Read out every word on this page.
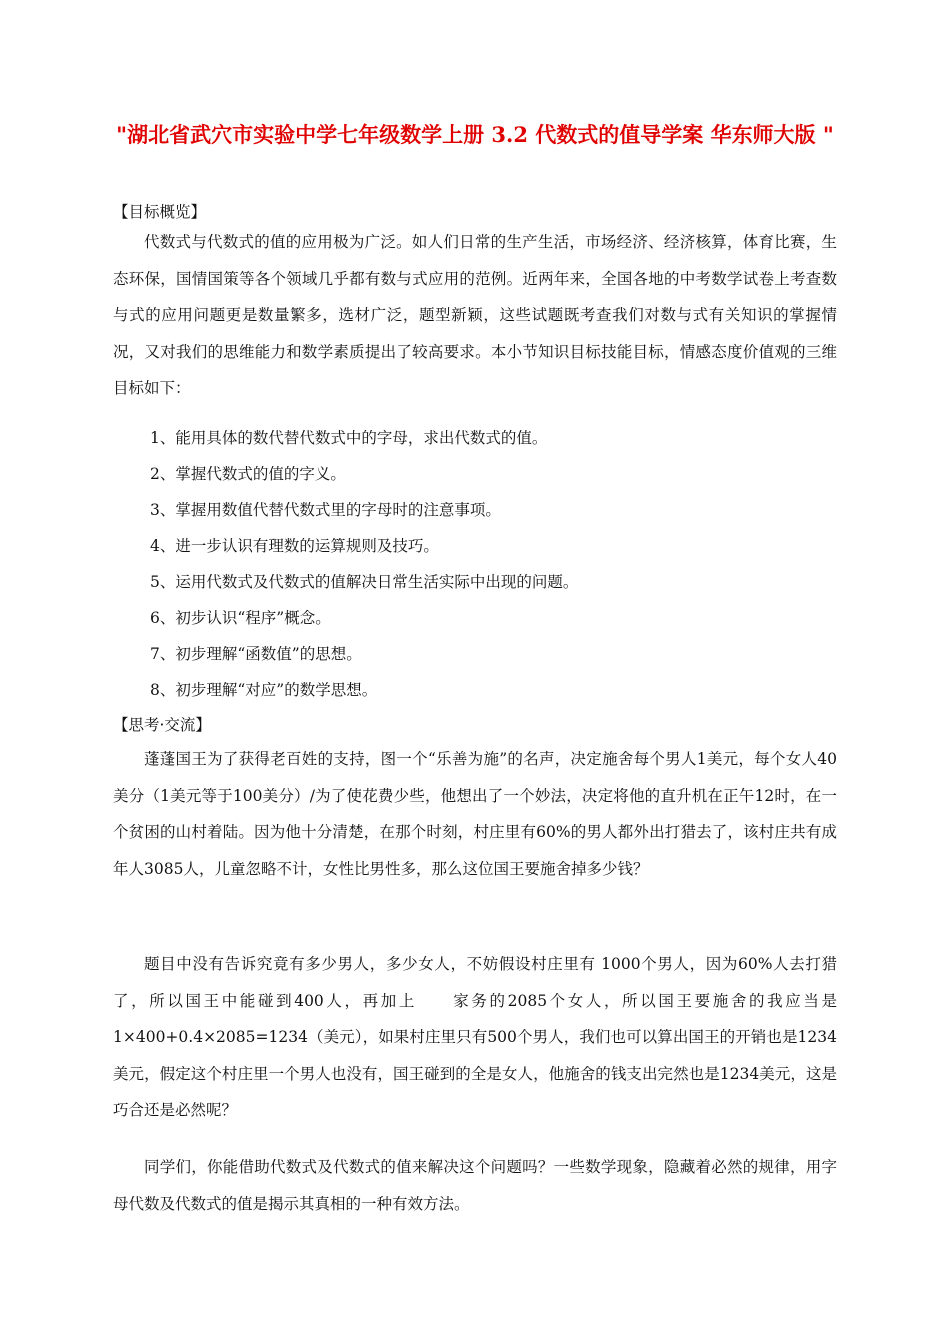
"湖北省武穴市实验中学七年级数学上册 3.2 代数式的值导学案 华东师大版 "
【目标概览】

代数式与代数式的值的应用极为广泛。如人们日常的生产生活，市场经济、经济核算，体育比赛，生态环保，国情国策等各个领域几乎都有数与式应用的范例。近两年来，全国各地的中考数学试卷上考查数与式的应用问题更是数量繁多，选材广泛，题型新颖，这些试题既考查我们对数与式有关知识的掌握情况，又对我们的思维能力和数学素质提出了较高要求。本小节知识目标技能目标，情感态度价值观的三维目标如下：

1、能用具体的数代替代数式中的字母，求出代数式的值。
2、掌握代数式的值的字义。
3、掌握用数值代替代数式里的字母时的注意事项。
4、进一步认识有理数的运算规则及技巧。
5、运用代数式及代数式的值解决日常生活实际中出现的问题。
6、初步认识“程序”概念。
7、初步理解“函数值”的思想。
8、初步理解“对应”的数学思想。
【思考·交流】

蓬蓬国王为了获得老百姓的支持，图一个“乐善为施”的名声，决定施舍每个男人1美元，每个女人40美分（1美元等于100美分）/为了使花费少些，他想出了一个妙法，决定将他的直升机在正午12时，在一个贫困的山村着陆。因为他十分清楚，在那个时刻，村庄里有60%的男人都外出打猎去了，该村庄共有成年人3085人，儿童忽略不计，女性比男性多，那么这位国王要施舍掉多少钱？

题目中没有告诉究竟有多少男人，多少女人，不妨假设村庄里有 1000个男人，因为60%人去打猎了，所以国王中能碰到400人，再加上　　家务的2085个女人，所以国王要施舍的我应当是1×400+0.4×2085=1234（美元），如果村庄里只有500个男人，我们也可以算出国王的开销也是1234美元，假定这个村庄里一个男人也没有，国王碰到的全是女人，他施舍的钱支出完然也是1234美元，这是巧合还是必然呢？

同学们，你能借助代数式及代数式的值来解决这个问题吗？一些数学现象，隐藏着必然的规律，用字母代数及代数式的值是揭示其真相的一种有效方法。
